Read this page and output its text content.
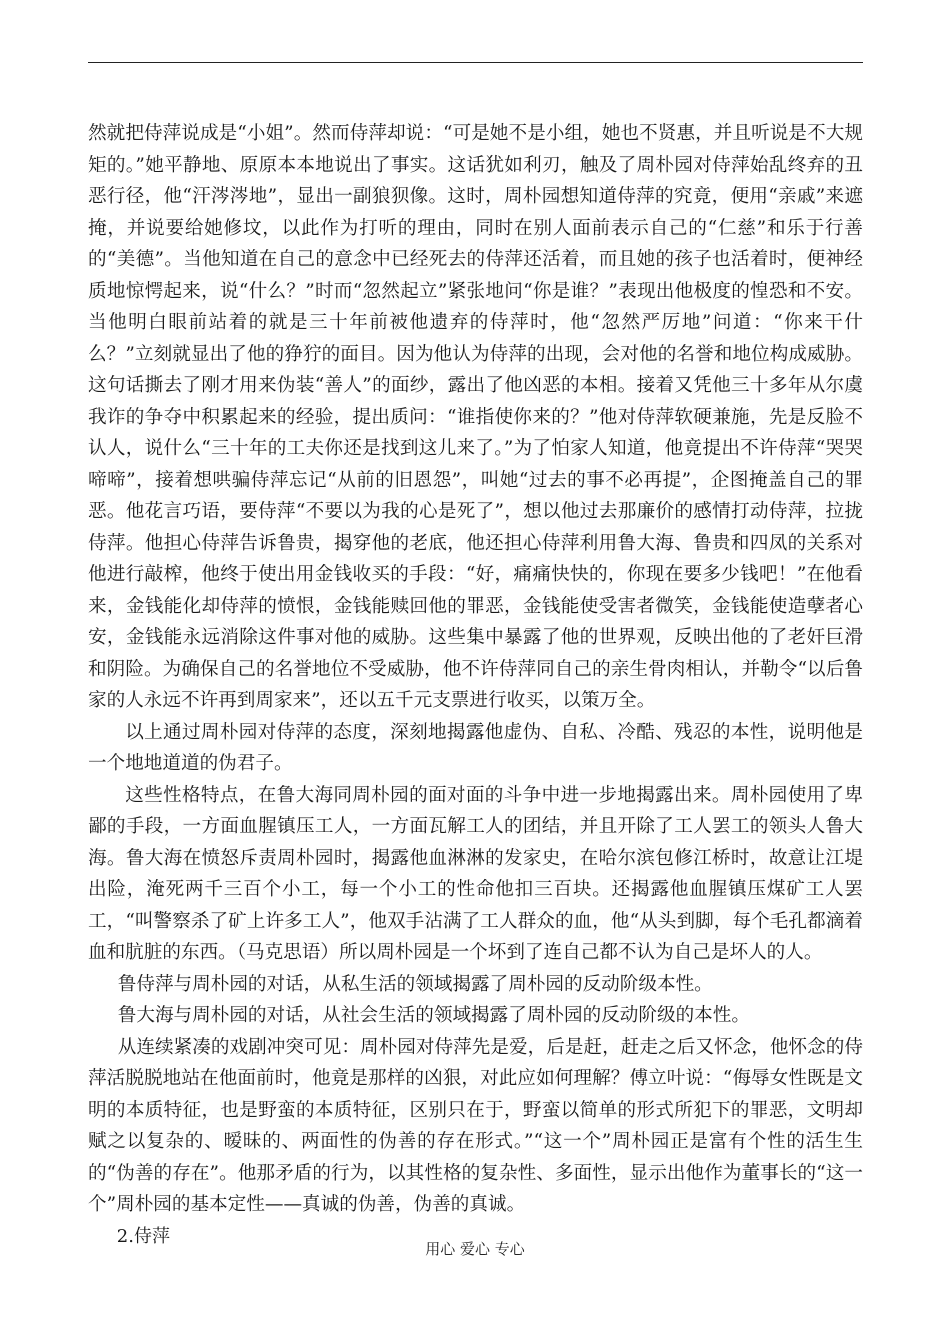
然就把侍萍说成是“小姐”。然而侍萍却说：“可是她不是小组，她也不贤惠，并且听说是不大规矩的。”她平静地、原原本本地说出了事实。这话犹如利刃，触及了周朴园对侍萍始乱终弃的丑恶行径，他“汗涔涔地”，显出一副狼狈像。这时，周朴园想知道侍萍的究竟，便用“亲戚”来遮掩，并说要给她修坟，以此作为打听的理由，同时在别人面前表示自己的“仁慈”和乐于行善的“美德”。当他知道在自己的意念中已经死去的侍萍还活着，而且她的孩子也活着时，便神经质地惊愕起来，说“什么？”时而“忽然起立”紧张地问“你是谁？”表现出他极度的惶恐和不安。当他明白眼前站着的就是三十年前被他遗弃的侍萍时，他“忽然严厉地”问道：“你来干什么？”立刻就显出了他的狰狞的面目。因为他认为侍萍的出现，会对他的名誉和地位构成威胁。这句话撕去了刚才用来伪装“善人”的面纱，露出了他凶恶的本相。接着又凭他三十多年从尔虞我诈的争夺中积累起来的经验，提出质问：“谁指使你来的？”他对侍萍软硬兼施，先是反脸不认人，说什么“三十年的工夫你还是找到这儿来了。”为了怕家人知道，他竟提出不许侍萍“哭哭啼啼”，接着想哄骗侍萍忘记“从前的旧恩怨”，叫她“过去的事不必再提”，企图掩盖自己的罪恶。他花言巧语，要侍萍“不要以为我的心是死了”，想以他过去那廉价的感情打动侍萍，拉拢侍萍。他担心侍萍告诉鲁贵，揭穿他的老底，他还担心侍萍利用鲁大海、鲁贵和四凤的关系对他进行敲榨，他终于使出用金钱收买的手段：“好，痛痛快快的，你现在要多少钱吧！”在他看来，金钱能化却侍萍的愤恨，金钱能赎回他的罪恶，金钱能使受害者微笑，金钱能使造孽者心安，金钱能永远消除这件事对他的威胁。这些集中暴露了他的世界观，反映出他的了老奸巨滑和阴险。为确保自己的名誉地位不受威胁，他不许侍萍同自己的亲生骨肉相认，并勒令“以后鲁家的人永远不许再到周家来”，还以五千元支票进行收买，以策万全。

以上通过周朴园对侍萍的态度，深刻地揭露他虚伪、自私、冷酷、残忍的本性，说明他是一个地地道道的伪君子。

这些性格特点，在鲁大海同周朴园的面对面的斗争中进一步地揭露出来。周朴园使用了卑鄙的手段，一方面血腥镇压工人，一方面瓦解工人的团结，并且开除了工人罢工的领头人鲁大海。鲁大海在愤怒斥责周朴园时，揭露他血淋淋的发家史，在哈尔滨包修江桥时，故意让江堤出险，淹死两千三百个小工，每一个小工的性命他扣三百块。还揭露他血腥镇压煤矿工人罢工，“叫警察杀了矿上许多工人”，他双手沾满了工人群众的血，他“从头到脚，每个毛孔都滴着血和肮脏的东西。（马克思语）所以周朴园是一个坏到了连自己都不认为自己是坏人的人。

鲁侍萍与周朴园的对话，从私生活的领域揭露了周朴园的反动阶级本性。

鲁大海与周朴园的对话，从社会生活的领域揭露了周朴园的反动阶级的本性。

从连续紧凑的戏剧冲突可见：周朴园对侍萍先是爱，后是赶，赶走之后又怀念，他怀念的侍萍活脱脱地站在他面前时，他竟是那样的凶狠，对此应如何理解？傅立叶说：“侮辱女性既是文明的本质特征，也是野蛮的本质特征，区别只在于，野蛮以简单的形式所犯下的罪恶，文明却赋之以复杂的、暧昧的、两面性的伪善的存在形式。”“这一个”周朴园正是富有个性的活生生的“伪善的存在”。他那矛盾的行为，以其性格的复杂性、多面性，显示出他作为董事长的“这一个”周朴园的基本定性——真诚的伪善，伪善的真诚。

2.侍萍

用心 爱心 专心
